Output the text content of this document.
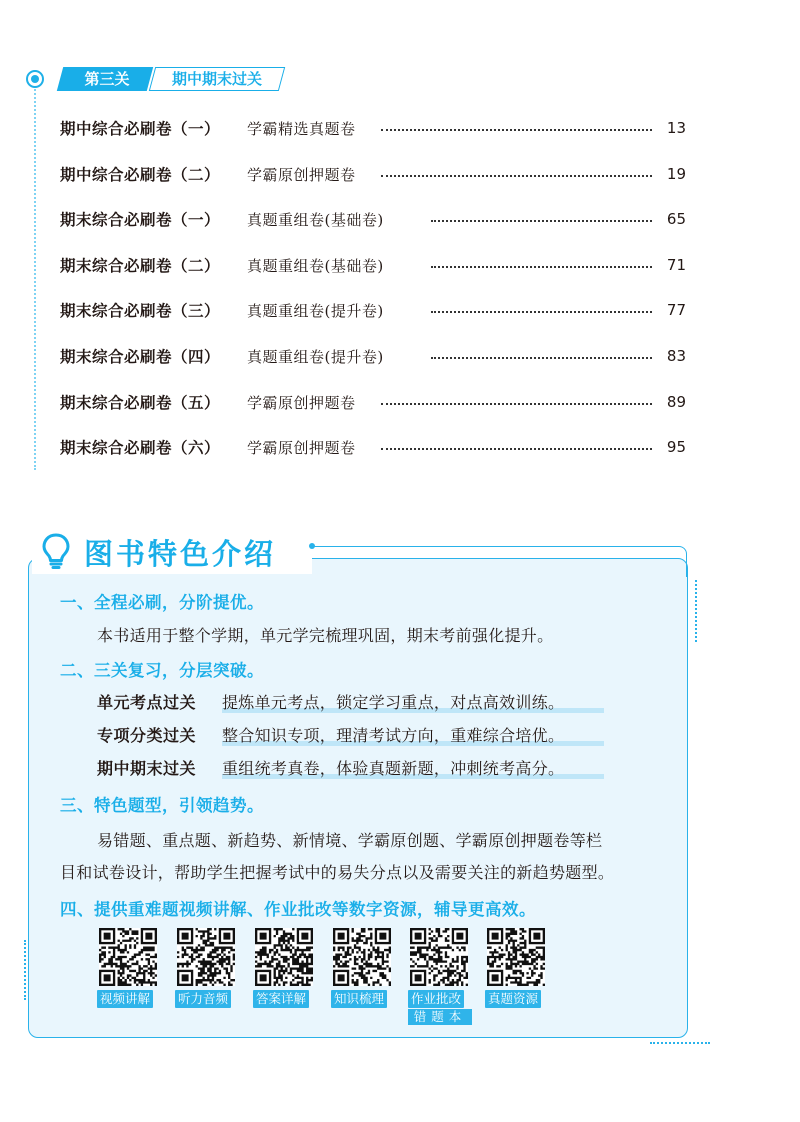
第三关	期中期末过关
期中综合必刷卷（一）	学霸精选真题卷	13
期中综合必刷卷（二）	学霸原创押题卷	19
期末综合必刷卷（一）	真题重组卷(基础卷)	65
期末综合必刷卷（二）	真题重组卷(基础卷)	71
期末综合必刷卷（三）	真题重组卷(提升卷)	77
期末综合必刷卷（四）	真题重组卷(提升卷)	83
期末综合必刷卷（五）	学霸原创押题卷	89
期末综合必刷卷（六）	学霸原创押题卷	95
图书特色介绍
一、全程必刷，分阶提优。
本书适用于整个学期，单元学完梳理巩固，期末考前强化提升。
二、三关复习，分层突破。
单元考点过关 提炼单元考点，锁定学习重点，对点高效训练。
专项分类过关 整合知识专项，理清考试方向，重难综合培优。
期中期末过关 重组统考真卷，体验真题新题，冲刺统考高分。
三、特色题型，引领趋势。
易错题、重点题、新趋势、新情境、学霸原创题、学霸原创押题卷等栏
目和试卷设计，帮助学生把握考试中的易失分点以及需要关注的新趋势题型。
四、提供重难题视频讲解、作业批改等数字资源，辅导更高效。
视频讲解 听力音频 答案详解 知识梳理 作业批改
错题本
真题资源
